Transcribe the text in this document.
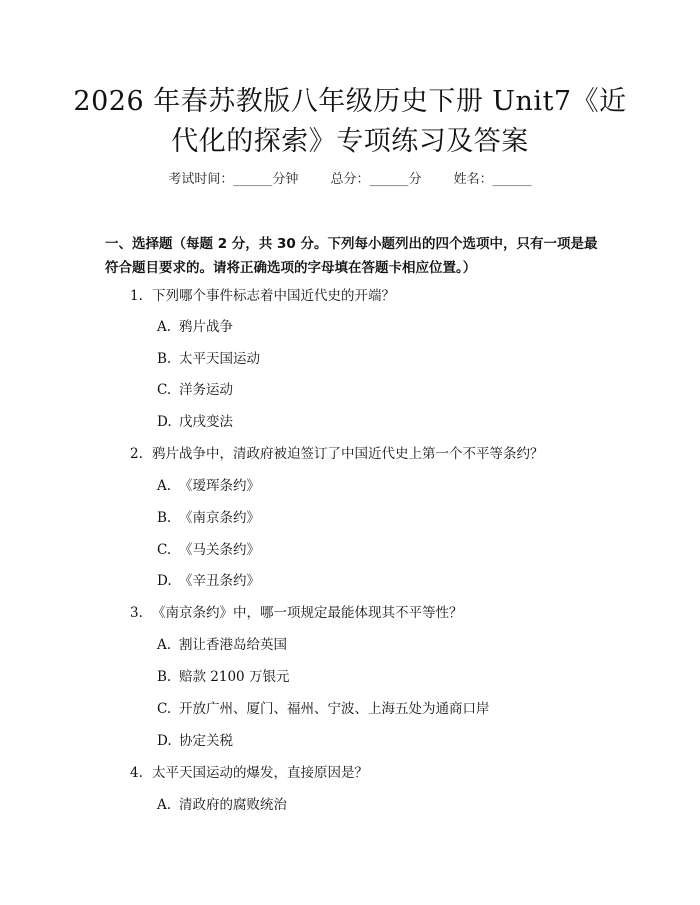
2026 年春苏教版八年级历史下册 Unit7《近
代化的探索》专项练习及答案
考试时间：______分钟 总分：______分 姓名：______
一、选择题（每题 2 分，共 30 分。下列每小题列出的四个选项中，只有一项是最符合题目要求的。请将正确选项的字母填在答题卡相应位置。）
1. 下列哪个事件标志着中国近代史的开端？
A. 鸦片战争
B. 太平天国运动
C. 洋务运动
D. 戊戌变法
2. 鸦片战争中，清政府被迫签订了中国近代史上第一个不平等条约？
A. 《瑷珲条约》
B. 《南京条约》
C. 《马关条约》
D. 《辛丑条约》
3. 《南京条约》中，哪一项规定最能体现其不平等性？
A. 割让香港岛给英国
B. 赔款 2100 万银元
C. 开放广州、厦门、福州、宁波、上海五处为通商口岸
D. 协定关税
4. 太平天国运动的爆发，直接原因是？
A. 清政府的腐败统治
